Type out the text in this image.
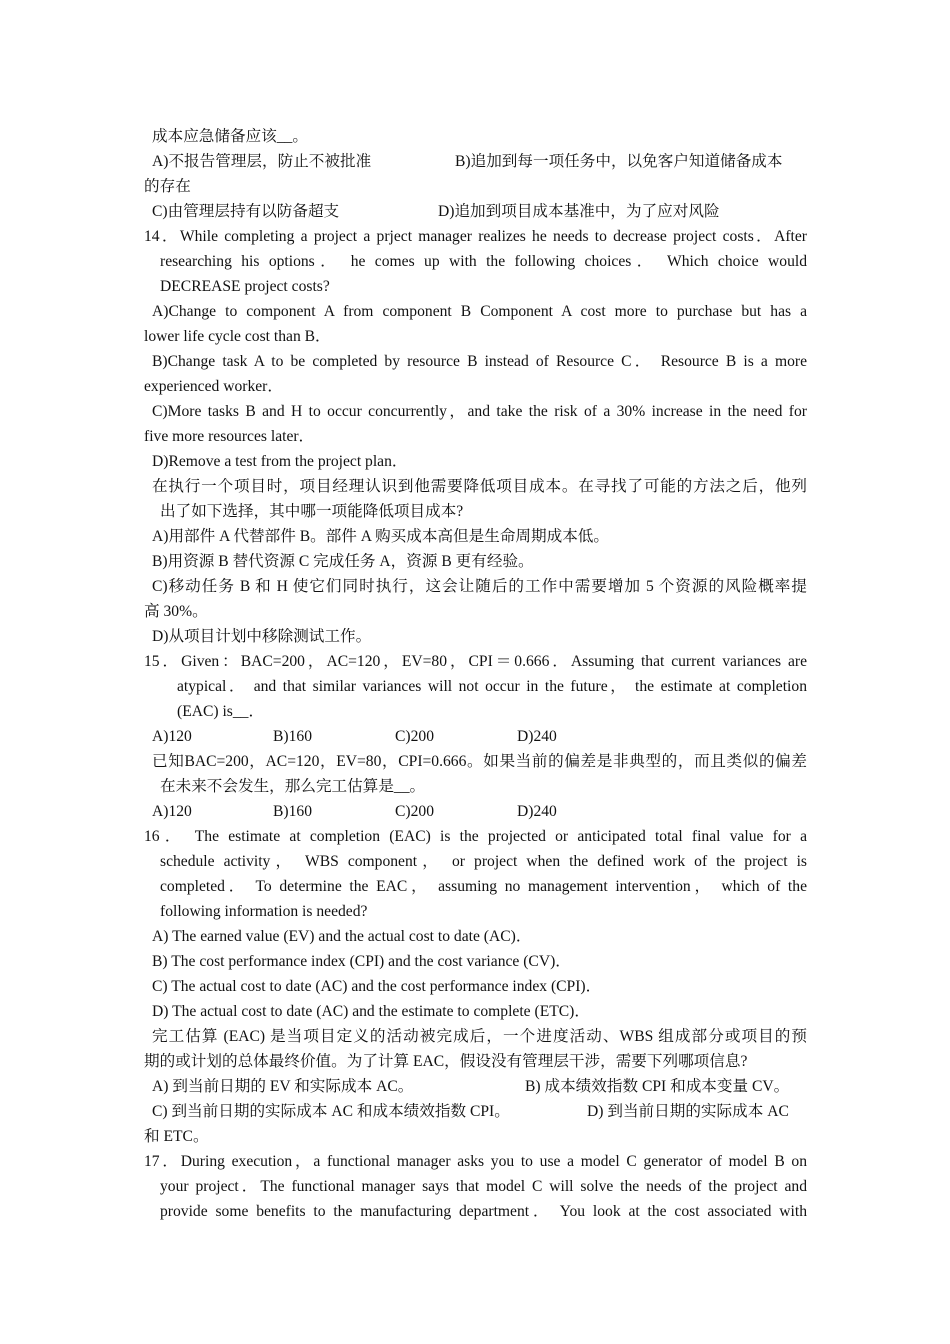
成本应急储备应该__。
A)不报告管理层，防止不被批准	B)追加到每一项任务中，以免客户知道储备成本
的存在
C)由管理层持有以防备超支	D)追加到项目成本基准中，为了应对风险
14．While completing a project a prject manager realizes he needs to decrease project costs．After
researching his options． he comes up with the following choices． Which choice would
DECREASE project costs?
A)Change to component A from component B Component A cost more to purchase but has a
lower life cycle cost than B．
B)Change task A to be completed by resource B instead of Resource C． Resource B is a more
experienced worker．
C)More tasks B and H to occur concurrently，and take the risk of a 30% increase in the need for
five more resources later．
D)Remove a test from the project plan．
在执行一个项目时，项目经理认识到他需要降低项目成本。在寻找了可能的方法之后，他列
出了如下选择，其中哪一项能降低项目成本?
A)用部件 A 代替部件 B。部件 A 购买成本高但是生命周期成本低。
B)用资源 B 替代资源 C 完成任务 A，资源 B 更有经验。
C)移动任务 B 和 H 使它们同时执行，这会让随后的工作中需要增加 5 个资源的风险概率提
高 30%。
D)从项目计划中移除测试工作。
15．Given：BAC=200，AC=120，EV=80，CPI＝0.666．Assuming that current variances are
atypical． and that similar variances will not occur in the future， the estimate at completion
(EAC) is__．
A)120	B)160	C)200	D)240
已知BAC=200，AC=120，EV=80，CPI=0.666。如果当前的偏差是非典型的，而且类似的偏差
在未来不会发生，那么完工估算是__。
A)120	B)160	C)200	D)240
16． The estimate at completion (EAC) is the projected or anticipated total final value for a
schedule activity， WBS component， or project when the defined work of the project is
completed． To determine the EAC， assuming no management intervention， which of the
following information is needed?
A) The earned value (EV) and the actual cost to date (AC)．
B) The cost performance index (CPI) and the cost variance (CV)．
C) The actual cost to date (AC) and the cost performance index (CPI)．
D) The actual cost to date (AC) and the estimate to complete (ETC)．
完工估算 (EAC) 是当项目定义的活动被完成后，一个进度活动、WBS 组成部分或项目的预
期的或计划的总体最终价值。为了计算 EAC，假设没有管理层干涉，需要下列哪项信息?
A) 到当前日期的 EV 和实际成本 AC。	B) 成本绩效指数 CPI 和成本变量 CV。
C) 到当前日期的实际成本 AC 和成本绩效指数 CPI。	D) 到当前日期的实际成本 AC
和 ETC。
17．During execution，a functional manager asks you to use a model C generator of model B on
your project．The functional manager says that model C will solve the needs of the project and
provide some benefits to the manufacturing department． You look at the cost associated with
